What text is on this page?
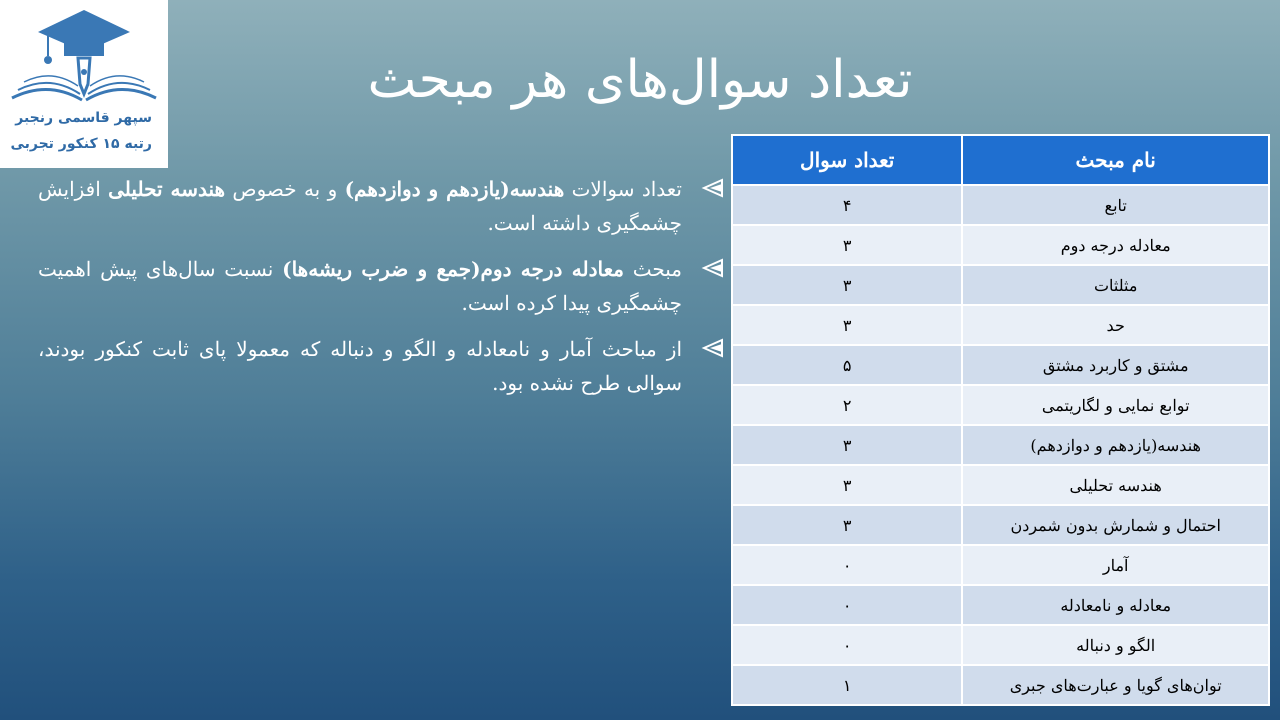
سپهر قاسمی رنجبر
رتبه ۱۵ کنکور تجربی
تعداد سوال‌های هر مبحث
تعداد سوالات هندسه(یازدهم و دوازدهم) و به خصوص هندسه تحلیلی افزایش چشمگیری داشته است.
مبحث معادله درجه دوم(جمع و ضرب ریشه‌ها) نسبت سال‌های پیش اهمیت چشمگیری پیدا کرده است.
از مباحث آمار و نامعادله و الگو و دنباله که معمولا پای ثابت کنکور بودند، سوالی طرح نشده بود.
نام مبحث	تعداد سوال
تابع	۴
معادله درجه دوم	۳
مثلثات	۳
حد	۳
مشتق و کاربرد مشتق	۵
توابع نمایی و لگاریتمی	۲
هندسه(یازدهم و دوازدهم)	۳
هندسه تحلیلی	۳
احتمال و شمارش بدون شمردن	۳
آمار	۰
معادله و نامعادله	۰
الگو و دنباله	۰
توان‌های گویا و عبارت‌های جبری	۱
